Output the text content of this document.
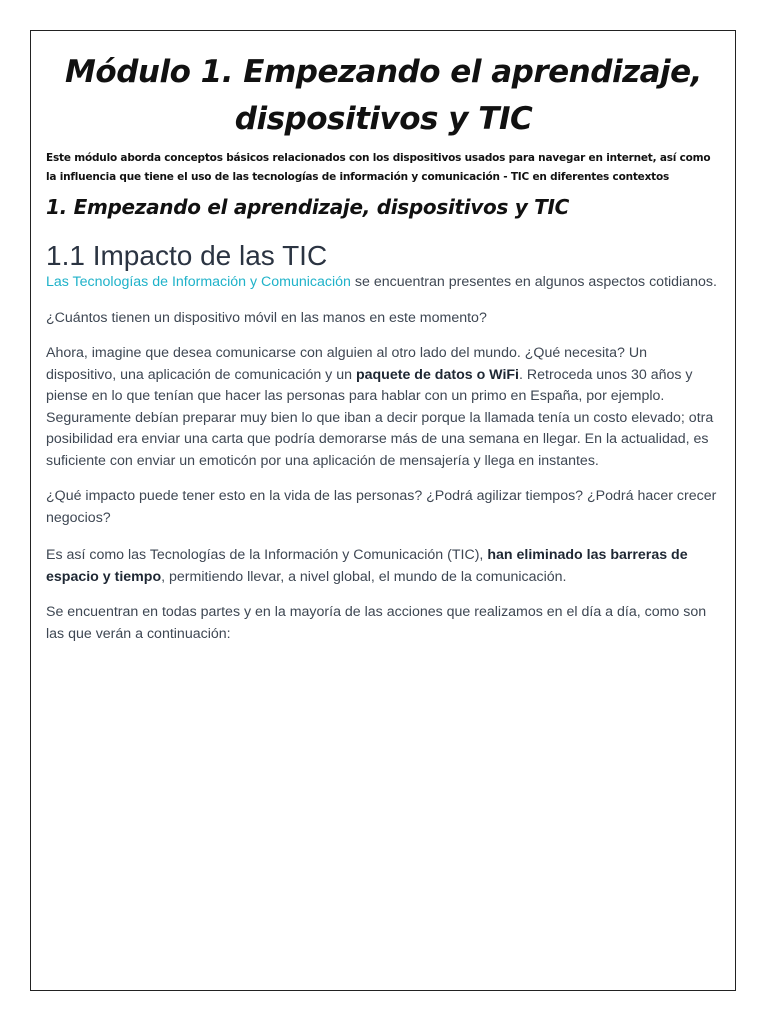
Módulo 1. Empezando el aprendizaje, dispositivos y TIC

Este módulo aborda conceptos básicos relacionados con los dispositivos usados para navegar en internet, así como la influencia que tiene el uso de las tecnologías de información y comunicación - TIC en diferentes contextos

1. Empezando el aprendizaje, dispositivos y TIC
1.1 Impacto de las TIC

Las Tecnologías de Información y Comunicación se encuentran presentes en algunos aspectos cotidianos.

¿Cuántos tienen un dispositivo móvil en las manos en este momento?

Ahora, imagine que desea comunicarse con alguien al otro lado del mundo. ¿Qué necesita? Un dispositivo, una aplicación de comunicación y un paquete de datos o WiFi. Retroceda unos 30 años y piense en lo que tenían que hacer las personas para hablar con un primo en España, por ejemplo. Seguramente debían preparar muy bien lo que iban a decir porque la llamada tenía un costo elevado; otra posibilidad era enviar una carta que podría demorarse más de una semana en llegar. En la actualidad, es suficiente con enviar un emoticón por una aplicación de mensajería y llega en instantes.

¿Qué impacto puede tener esto en la vida de las personas? ¿Podrá agilizar tiempos? ¿Podrá hacer crecer negocios?

Es así como las Tecnologías de la Información y Comunicación (TIC), han eliminado las barreras de espacio y tiempo, permitiendo llevar, a nivel global, el mundo de la comunicación.

Se encuentran en todas partes y en la mayoría de las acciones que realizamos en el día a día, como son las que verán a continuación:
